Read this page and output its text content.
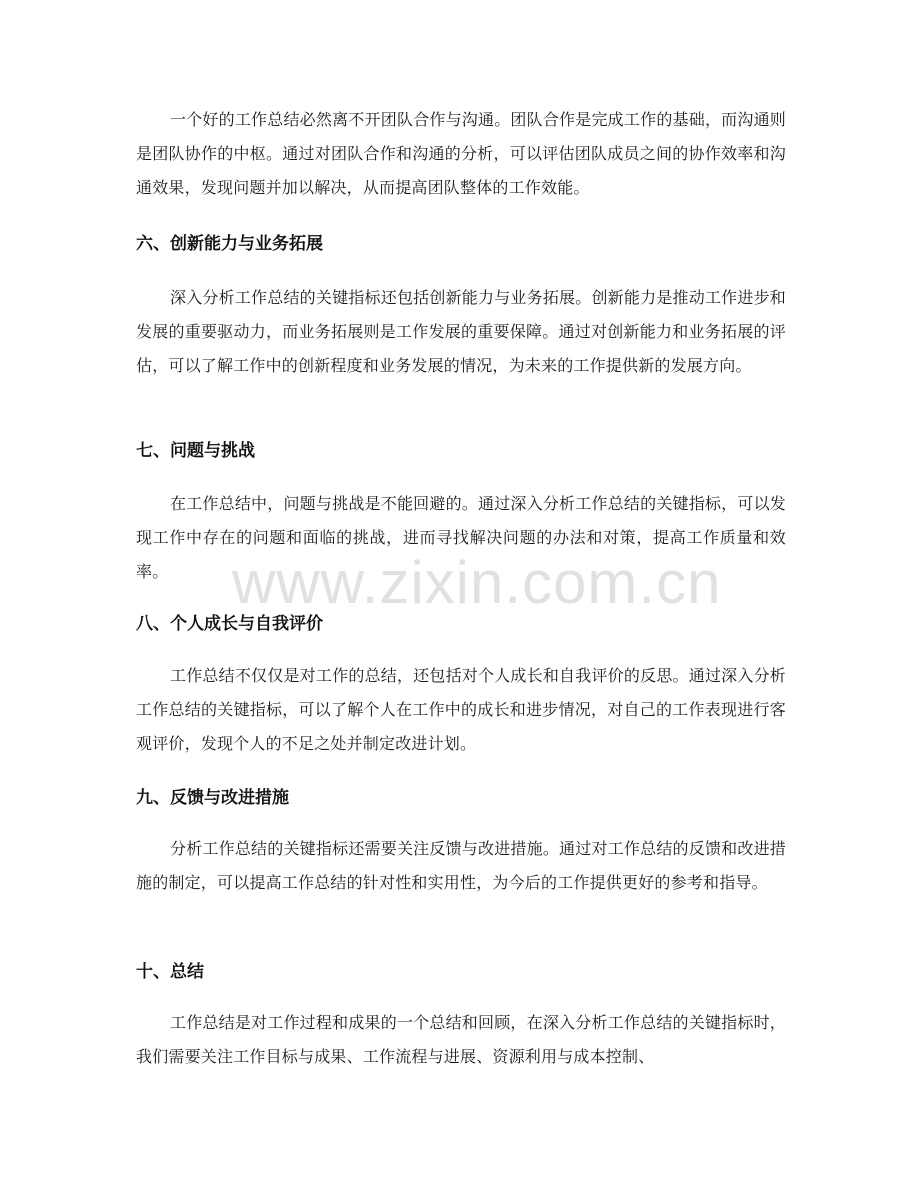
一个好的工作总结必然离不开团队合作与沟通。团队合作是完成工作的基础，而沟通则是团队协作的中枢。通过对团队合作和沟通的分析，可以评估团队成员之间的协作效率和沟通效果，发现问题并加以解决，从而提高团队整体的工作效能。

六、创新能力与业务拓展

深入分析工作总结的关键指标还包括创新能力与业务拓展。创新能力是推动工作进步和发展的重要驱动力，而业务拓展则是工作发展的重要保障。通过对创新能力和业务拓展的评估，可以了解工作中的创新程度和业务发展的情况，为未来的工作提供新的发展方向。

七、问题与挑战

在工作总结中，问题与挑战是不能回避的。通过深入分析工作总结的关键指标，可以发现工作中存在的问题和面临的挑战，进而寻找解决问题的办法和对策，提高工作质量和效率。

八、个人成长与自我评价

工作总结不仅仅是对工作的总结，还包括对个人成长和自我评价的反思。通过深入分析工作总结的关键指标，可以了解个人在工作中的成长和进步情况，对自己的工作表现进行客观评价，发现个人的不足之处并制定改进计划。

九、反馈与改进措施

分析工作总结的关键指标还需要关注反馈与改进措施。通过对工作总结的反馈和改进措施的制定，可以提高工作总结的针对性和实用性，为今后的工作提供更好的参考和指导。

十、总结

工作总结是对工作过程和成果的一个总结和回顾，在深入分析工作总结的关键指标时，我们需要关注工作目标与成果、工作流程与进展、资源利用与成本控制、

www.zixin.com.cn
